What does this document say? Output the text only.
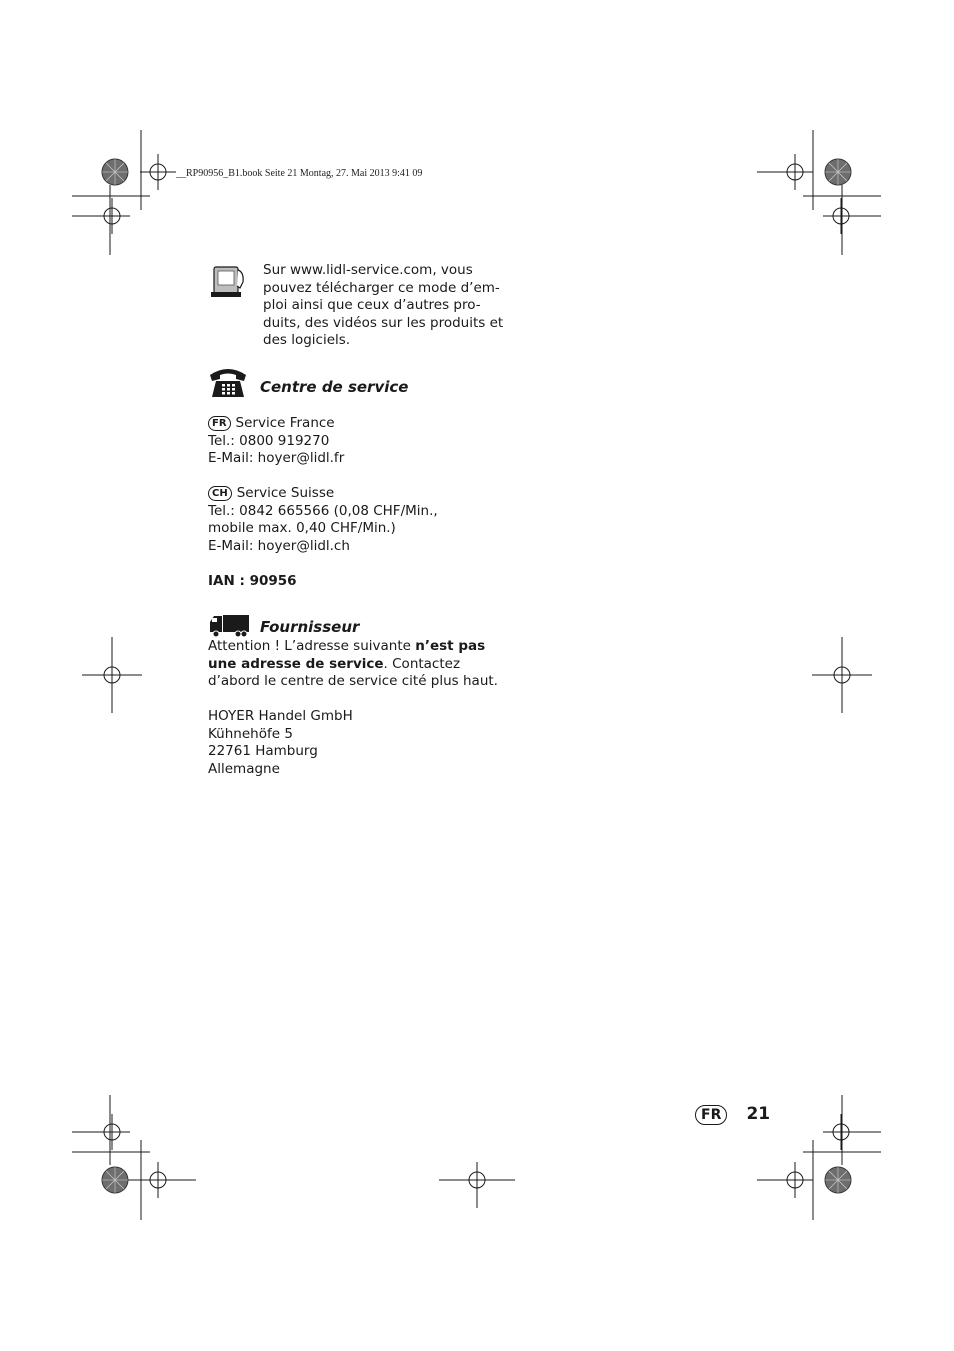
__RP90956_B1.book Seite 21 Montag, 27. Mai 2013 9:41 09
Sur www.lidl-service.com, vous
pouvez télécharger ce mode d’em-
ploi ainsi que ceux d’autres pro-
duits, des vidéos sur les produits et
des logiciels.
Centre de service
FR Service France
Tel.: 0800 919270
E-Mail: hoyer@lidl.fr
CH Service Suisse
Tel.: 0842 665566 (0,08 CHF/Min.,
mobile max. 0,40 CHF/Min.)
E-Mail: hoyer@lidl.ch
IAN : 90956
Fournisseur
Attention ! L’adresse suivante n’est pas
une adresse de service. Contactez
d’abord le centre de service cité plus haut.
HOYER Handel GmbH
Kühnehöfe 5
22761 Hamburg
Allemagne
FR 21
